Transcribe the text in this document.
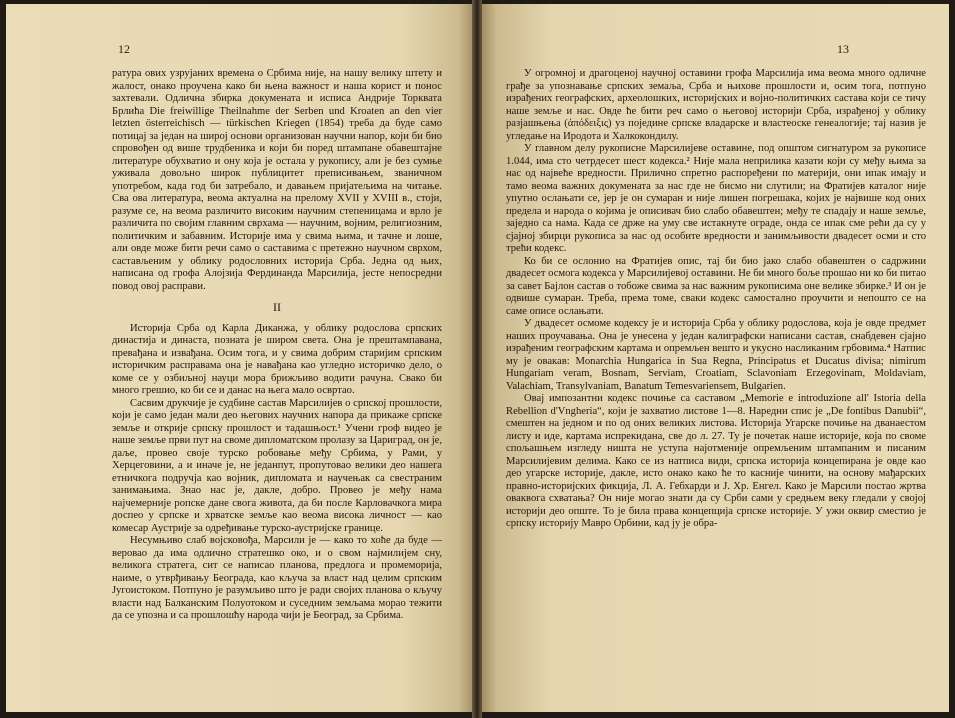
12

ратура ових узрујаних времена о Србима није, на нашу велику штету и жалост, онако проучена како би њена важност и наша корист и понос захтевали. Одлична збирка докумената и исписа Андрије Торквата Брлића Die freiwillige Theilnahme der Serben und Kroaten an den vier letzten österreichisch — türkischen Kriegen (1854) треба да буде само потицај за један на широј основи организован научни напор, који би био спровођен од више трудбеника и који би поред штампане обавештајне литературе обухватио и ону која је остала у рукопису, али је без сумње уживала довољно широк публицитет преписивањем, званичном употребом, када год би затребало, и давањем пријатељима на читање. Сва ова литература, веома актуална на прелому XVII у XVIII в., стоји, разуме се, на веома различито високим научним степеницама и врло је различита по својим главним сврхама — научним, војним, религиозним, политичким и забавним. Историје има у свима њима, и тачне и лоше, али овде може бити речи само о саставима с претежно научном сврхом, састављеним у облику родословних историја Срба. Једна од њих, написана од грофа Алојзија Фердинанда Марсилија, јесте непосредни повод овој расправи.

II

Историја Срба од Карла Диканжа, у облику родослова српских династија и династа, позната је широм света. Она је прештампавана, превађана и извађана. Осим тога, и у свима добрим старијим српским историчким расправама она је навађана као угледно историчко дело, о коме се у озбиљној науци мора брижљиво водити рачуна. Свако би много грешио, ко би се и данас на њега мало освртао.

Сасвим друкчије је судбине састав Марсилијев о српској прошлости, који је само један мали део његових научних напора да прикаже српске земље и открије српску прошлост и тадашњост.¹ Учени гроф видео је наше земље први пут на своме дипломатском пролазу за Цариград, он је, даље, провео своје турско робовање међу Србима, у Рами, у Херцеговини, а и иначе је, не једанпут, пропутовао велики део нашега етничкога подручја као војник, дипломата и научењак са свестраним занимањима. Знао нас је, дакле, добро. Провео је међу нама најчемерније ропске дане свога живота, да би после Карловачкога мира доспео у српске и хрватске земље као веома висока личност — као комесар Аустрије за одређивање турско-аустријске границе.

Несумњиво слаб војсковођа, Марсили је — како то хоће да буде — веровао да има одлично стратешко око, и о свом најмилијем сну, великога стратега, сит се написао планова, предлога и промеморија, наиме, о утврђивању Београда, као кључа за власт над целим српским Југоистоком. Потпуно је разумљиво што је ради својих планова о кључу власти над Балканским Полуотоком и суседним земљама морао тежити да се упозна и са прошлошћу народа чији је Београд, за Србима.

13

У огромној и драгоценој научној оставини грофа Марсилија има веома много одличне грађе за упознавање српских земаља, Срба и њихове прошлости и, осим тога, потпуно израђених географских, археолошких, историјских и војно-политичких састава који се тичу наше земље и нас. Овде ће бити реч само о његовој историји Срба, израђеној у облику разјашњења (ἀπόδειξις) уз поједине српске владарске и властеоске генеалогије; тај назив је угледање на Иродота и Халкокондилу.

У главном делу рукописне Марсилијеве оставине, под општом сигнатуром за рукописе 1.044, има сто четрдесет шест кодекса.² Није мала неприлика казати који су међу њима за нас од највеће вредности. Прилично спретно распоређени по материји, они ипак имају и тамо веома важних докумената за нас где не бисмо ни слутили; на Фратијев каталог није упутно ослањати се, јер је он сумаран и није лишен погрешака, којих је највише код оних предела и народа о којима је описивач био слабо обавештен; међу те спадају и наше земље, заједно са нама. Када се држе на уму све истакнуте ограде, онда се ипак сме рећи да су у сјајној збирци рукописа за нас од особите вредности и занимљивости двадесет осми и сто трећи кодекс.

Ко би се ослонио на Фратијев опис, тај би био јако слабо обавештен о садржини двадесет осмога кодекса у Марсилијевој оставини. Не би много боље прошао ни ко би питао за савет Бајлон састав о тобоже свима за нас важним рукописима оне велике збирке.³ И он је одвише сумаран. Треба, према томе, сваки кодекс самостално проучити и непошто се на саме описе ослањати.

У двадесет осмоме кодексу је и историја Срба у облику родослова, која је овде предмет наших проучавања. Она је унесена у један калиграфски написани састав, снабдевен сјајно израђеним географским картама и опремљен вешто и укусно насликаним грбовима.⁴ Натпис му је овакав: Monarchia Hungarica in Sua Regna, Principatus et Ducatus divisa; nimirum Hungariam veram, Bosnam, Serviam, Croatiam, Sclavoniam Erzegovinam, Moldaviam, Valachiam, Transylvaniam, Banatum Temesvariensem, Bulgarien.

Овај импозантни кодекс почиње са саставом „Memorie e introduzione all' Istoria della Rebellion d'Vngheria“, који је захватио листове 1—8. Наредни спис је „De fontibus Danubii“, смештен на једном и по од оних великих листова. Историја Угарске почиње на дванаестом листу и иде, картама испрекидана, све до л. 27. Ту је почетак наше историје, која по своме спољашњем изгледу ништа не уступа најотменије опремљеним штампаним и писаним Марсилијевим делима. Како се из натписа види, српска историја концепирана је овде као део угарске историје, дакле, исто онако како ће то касније чинити, на основу мађарских правно-историјских фикција, Л. А. Гебхарди и Ј. Хр. Енгел. Како је Марсили постао жртва оваквога схватања? Он није могао знати да су Срби сами у средњем веку гледали у својој историји део опште. То је била права концепција српске историје. У ужи оквир сместио је српску историју Мавро Орбини, кад ју је обра-
